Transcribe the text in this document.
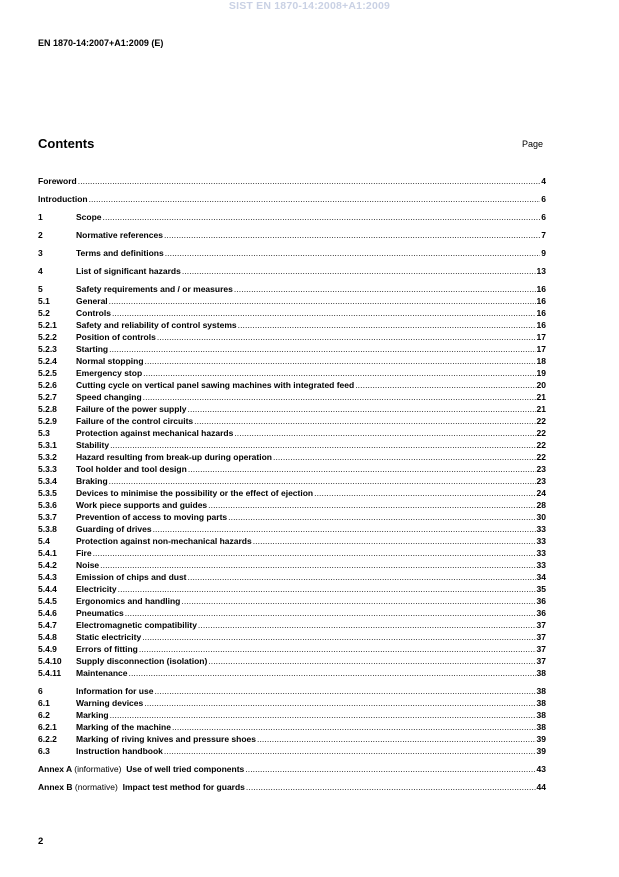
SIST EN 1870-14:2008+A1:2009
EN 1870-14:2007+A1:2009 (E)
Contents	Page
Foreword .....	4
Introduction .....	6
1	Scope .....	6
2	Normative references .....	7
3	Terms and definitions .....	9
4	List of significant hazards .....	13
5	Safety requirements and / or measures .....	16
5.1	General .....	16
5.2	Controls .....	16
5.2.1	Safety and reliability of control systems .....	16
5.2.2	Position of controls .....	17
5.2.3	Starting .....	17
5.2.4	Normal stopping .....	18
5.2.5	Emergency stop .....	19
5.2.6	Cutting cycle on vertical panel sawing machines with integrated feed .....	20
5.2.7	Speed changing .....	21
5.2.8	Failure of the power supply .....	21
5.2.9	Failure of the control circuits .....	22
5.3	Protection against mechanical hazards .....	22
5.3.1	Stability .....	22
5.3.2	Hazard resulting from break-up during operation .....	22
5.3.3	Tool holder and tool design .....	23
5.3.4	Braking .....	23
5.3.5	Devices to minimise the possibility or the effect of ejection .....	24
5.3.6	Work piece supports and guides .....	28
5.3.7	Prevention of access to moving parts .....	30
5.3.8	Guarding of drives .....	33
5.4	Protection against non-mechanical hazards .....	33
5.4.1	Fire .....	33
5.4.2	Noise .....	33
5.4.3	Emission of chips and dust .....	34
5.4.4	Electricity .....	35
5.4.5	Ergonomics and handling .....	36
5.4.6	Pneumatics .....	36
5.4.7	Electromagnetic compatibility .....	37
5.4.8	Static electricity .....	37
5.4.9	Errors of fitting .....	37
5.4.10	Supply disconnection (isolation) .....	37
5.4.11	Maintenance .....	38
6	Information for use .....	38
6.1	Warning devices .....	38
6.2	Marking .....	38
6.2.1	Marking of the machine .....	38
6.2.2	Marking of riving knives and pressure shoes .....	39
6.3	Instruction handbook .....	39
Annex A (informative) Use of well tried components .....	43
Annex B (normative) Impact test method for guards .....	44
2
